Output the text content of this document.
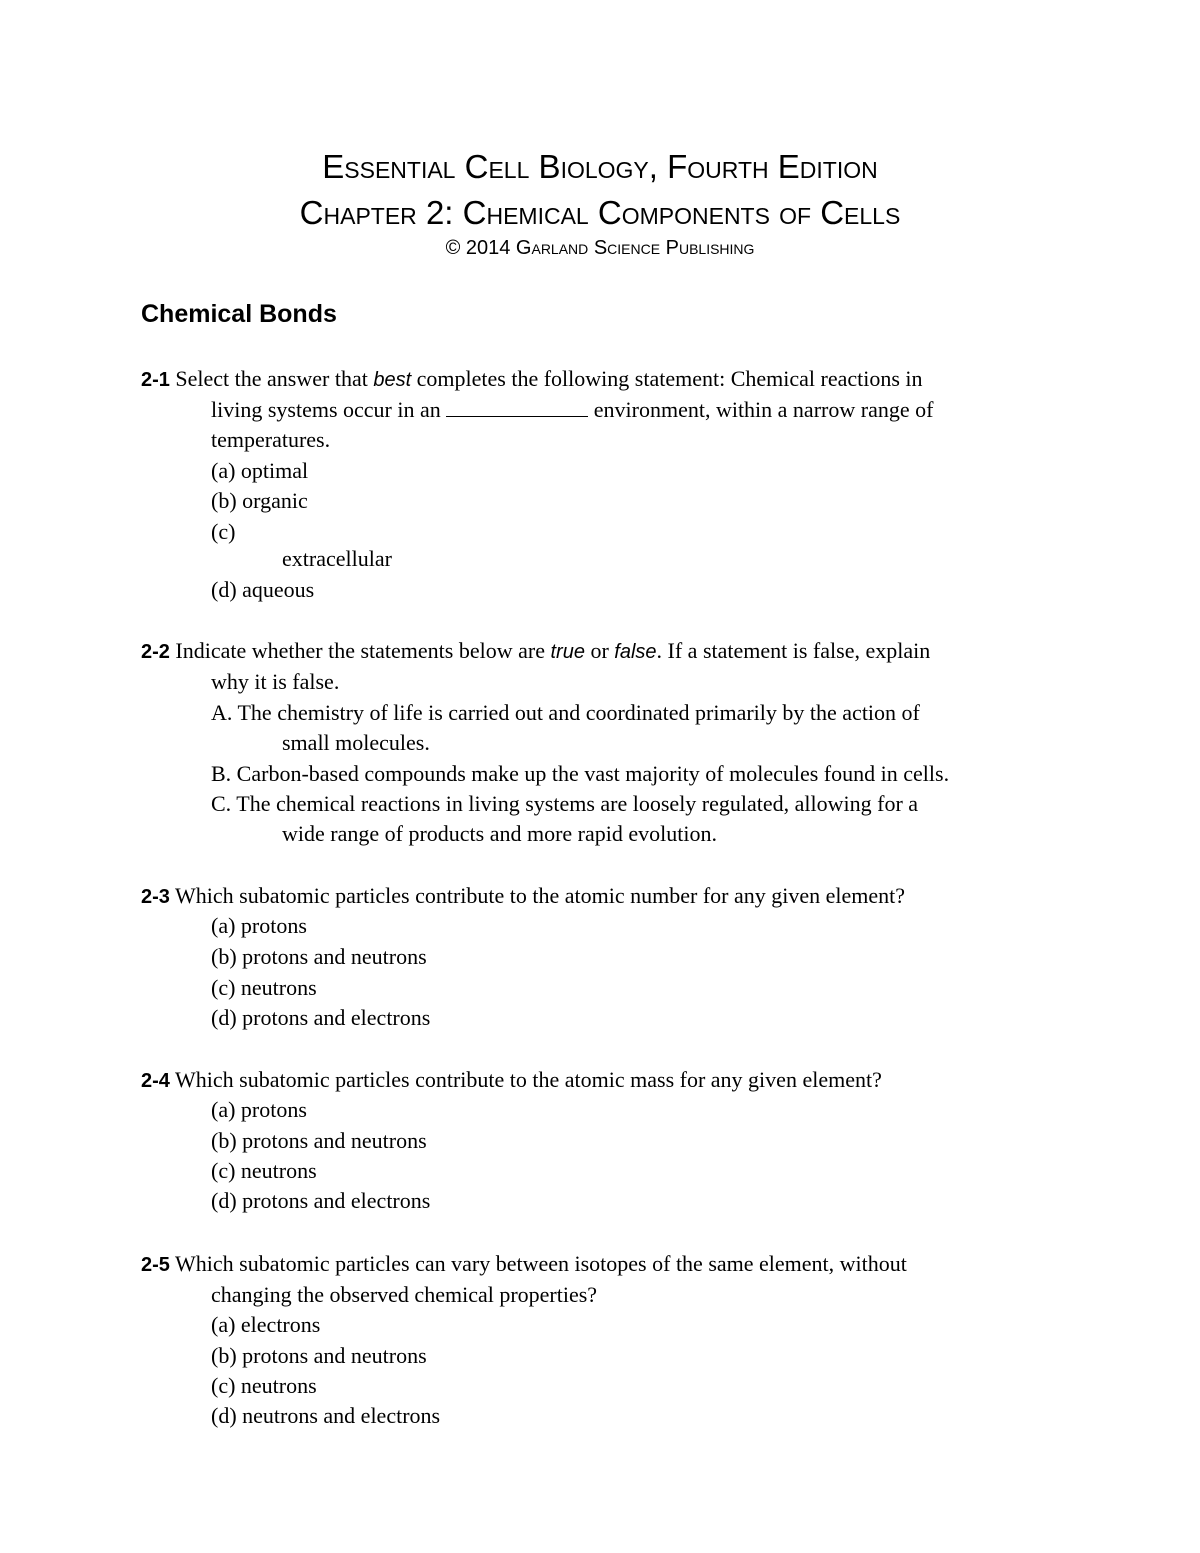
Essential Cell Biology, Fourth Edition
Chapter 2: Chemical Components of Cells
© 2014 Garland Science Publishing
Chemical Bonds
2-1 Select the answer that best completes the following statement: Chemical reactions in
living systems occur in an	environment, within a narrow range of
temperatures.
(a) optimal
(b) organic
(c)
extracellular
(d) aqueous
2-2 Indicate whether the statements below are true or false. If a statement is false, explain
why it is false.
A. The chemistry of life is carried out and coordinated primarily by the action of
small molecules.
B. Carbon-based compounds make up the vast majority of molecules found in cells.
C. The chemical reactions in living systems are loosely regulated, allowing for a
wide range of products and more rapid evolution.
2-3 Which subatomic particles contribute to the atomic number for any given element?
(a) protons
(b) protons and neutrons
(c) neutrons
(d) protons and electrons
2-4 Which subatomic particles contribute to the atomic mass for any given element?
(a) protons
(b) protons and neutrons
(c) neutrons
(d) protons and electrons
2-5 Which subatomic particles can vary between isotopes of the same element, without
changing the observed chemical properties?
(a) electrons
(b) protons and neutrons
(c) neutrons
(d) neutrons and electrons
